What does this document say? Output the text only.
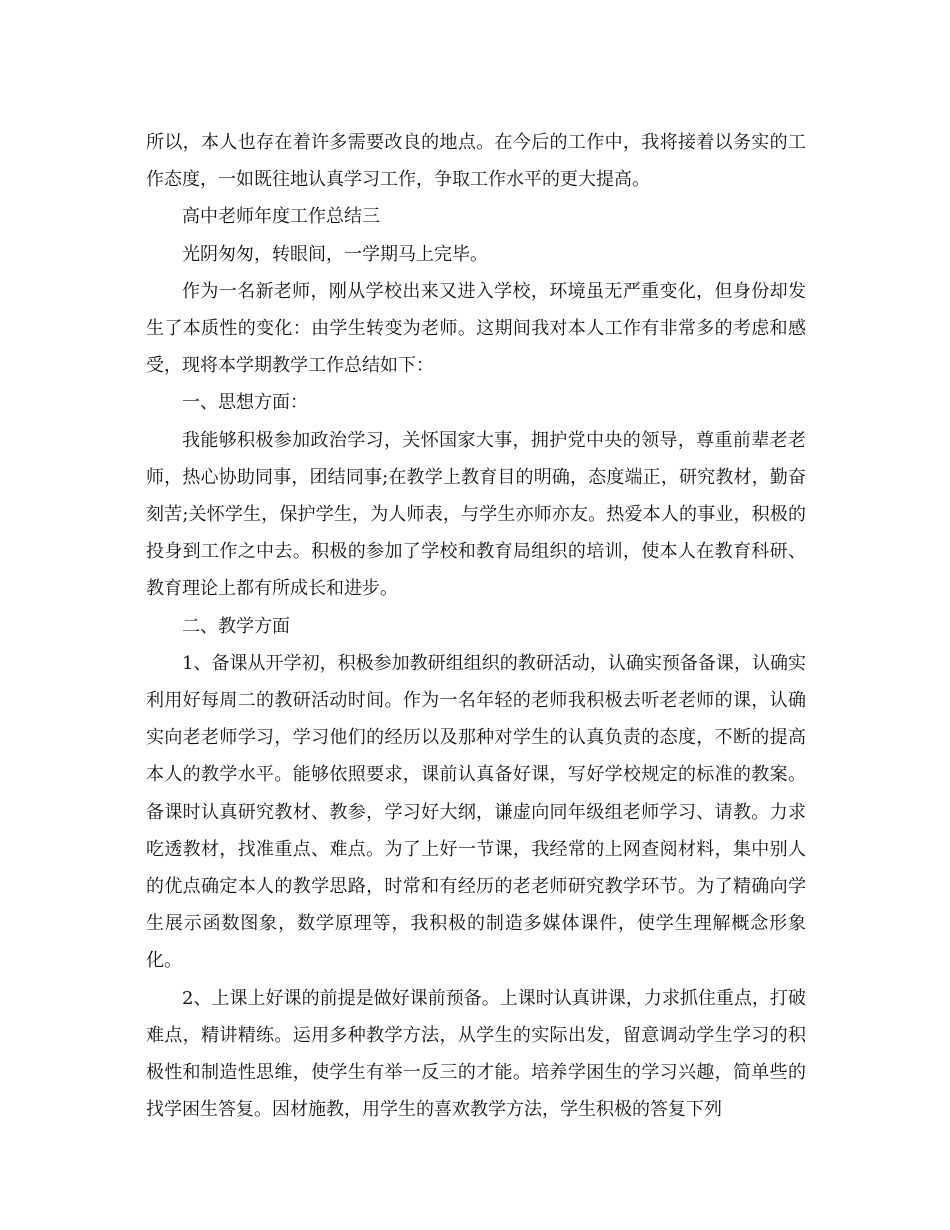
所以，本人也存在着许多需要改良的地点。在今后的工作中，我将接着以务实的工作态度，一如既往地认真学习工作，争取工作水平的更大提高。

高中老师年度工作总结三

光阴匆匆，转眼间，一学期马上完毕。

作为一名新老师，刚从学校出来又进入学校，环境虽无严重变化，但身份却发生了本质性的变化：由学生转变为老师。这期间我对本人工作有非常多的考虑和感受，现将本学期教学工作总结如下：

一、思想方面：

我能够积极参加政治学习，关怀国家大事，拥护党中央的领导，尊重前辈老老师，热心协助同事，团结同事;在教学上教育目的明确，态度端正，研究教材，勤奋刻苦;关怀学生，保护学生，为人师表，与学生亦师亦友。热爱本人的事业，积极的投身到工作之中去。积极的参加了学校和教育局组织的培训，使本人在教育科研、教育理论上都有所成长和进步。

二、教学方面

1、备课从开学初，积极参加教研组组织的教研活动，认确实预备备课，认确实利用好每周二的教研活动时间。作为一名年轻的老师我积极去听老老师的课，认确实向老老师学习，学习他们的经历以及那种对学生的认真负责的态度，不断的提高本人的教学水平。能够依照要求，课前认真备好课，写好学校规定的标准的教案。备课时认真研究教材、教参，学习好大纲，谦虚向同年级组老师学习、请教。力求吃透教材，找准重点、难点。为了上好一节课，我经常的上网查阅材料，集中别人的优点确定本人的教学思路，时常和有经历的老老师研究教学环节。为了精确向学生展示函数图象，数学原理等，我积极的制造多媒体课件，使学生理解概念形象化。

2、上课上好课的前提是做好课前预备。上课时认真讲课，力求抓住重点，打破难点，精讲精练。运用多种教学方法，从学生的实际出发，留意调动学生学习的积极性和制造性思维，使学生有举一反三的才能。培养学困生的学习兴趣，简单些的找学困生答复。因材施教，用学生的喜欢教学方法，学生积极的答复下列
